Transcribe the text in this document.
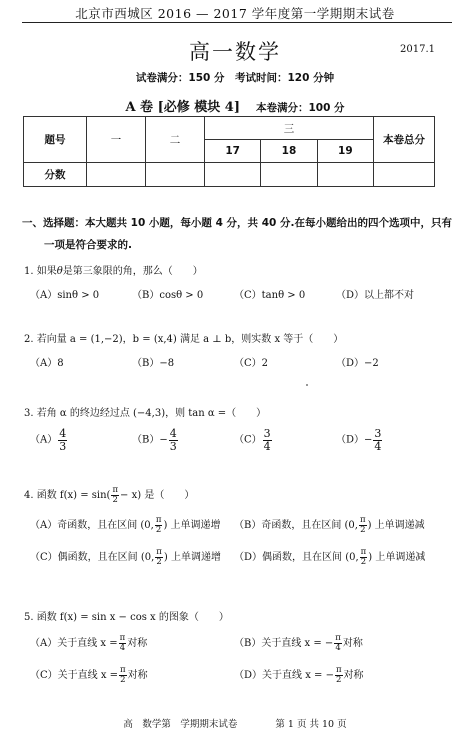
北京市西城区 2016 — 2017 学年度第一学期期末试卷
高一数学	2017.1
试卷满分：150 分　考试时间：120 分钟
A 卷 [必修 模块 4] 本卷满分：100 分
题号	一	二	三			本卷总分
			17	18	19	
分数						
一、选择题：本大题共 10 小题，每小题 4 分，共 40 分.在每小题给出的四个选项中，只有
一项是符合要求的.
1. 如果θ是第三象限的角，那么（　　）
（A）sinθ > 0	（B）cosθ > 0	（C）tanθ > 0	（D）以上都不对
2. 若向量 a = (1,−2)，b = (x,4) 满足 a ⊥ b，则实数 x 等于（　　）
（A）8	（B）−8	（C）2	（D）−2
3. 若角 α 的终边经过点 (−4,3)，则 tan α =（　　）
$(A) \frac{4}{3}$	$(B)- \frac{4}{3}$	$(C) \frac{3}{4}$	$(D)- \frac{3}{4}$
4. 函数 $f(x) = \sin( \frac{\pi}{2} - x)$ 是（　　）
（A）奇函数，且在区间 (0, $\frac{\pi}{2}$ ) 上单调递增 （B）奇函数，且在区间 (0, $\frac{\pi}{2}$ ) 上单调递减
（C）偶函数，且在区间 (0, $\frac{\pi}{2}$ ) 上单调递增 （D）偶函数，且在区间 (0, $\frac{\pi}{2}$ ) 上单调递减
5. 函数 f(x) = sin x − cos x 的图象（　　）
（A）关于直线 $x = \frac{\pi}{4}$ 对称	（B）关于直线 x = − $\frac{\pi}{4}$ 对称
（C）关于直线 $x = \frac{\pi}{2}$ 对称	（D）关于直线 x = − $\frac{\pi}{2}$ 对称
高　数学第　学期期末试卷　　　　第 1 页 共 10 页
